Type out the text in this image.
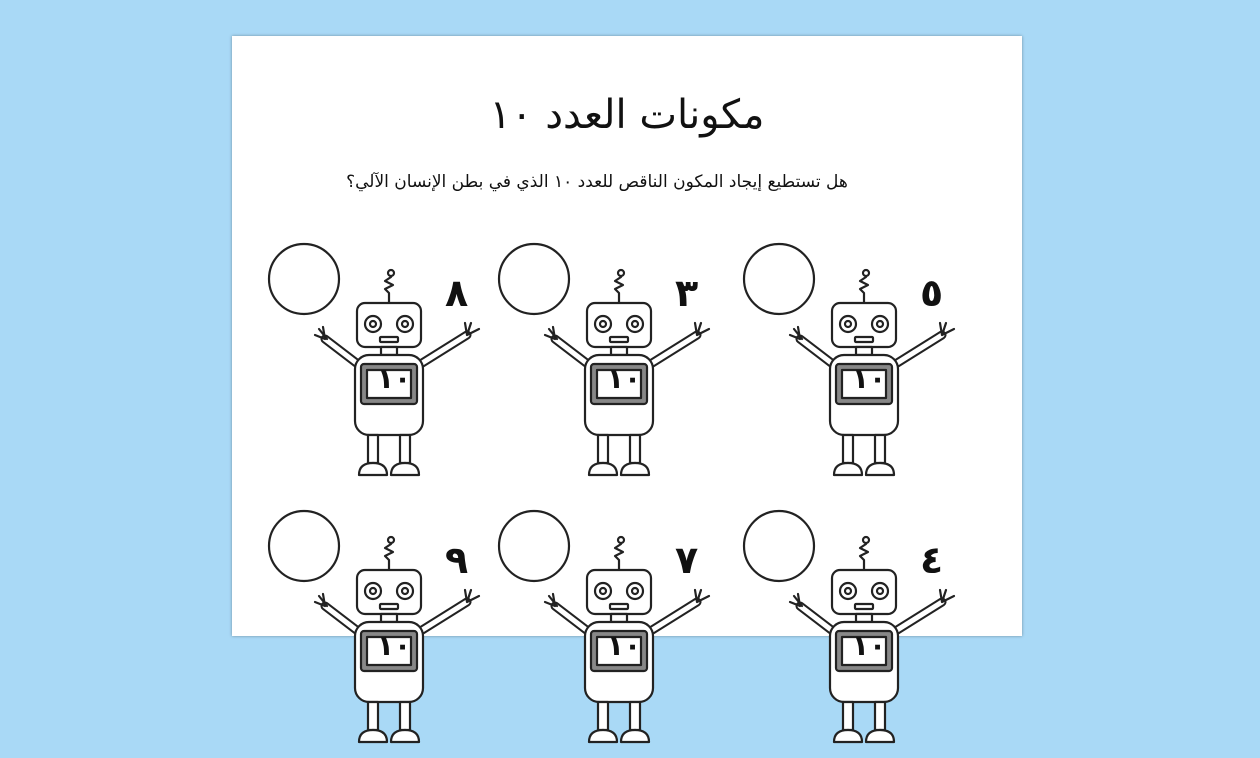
مكونات العدد ١٠
هل تستطيع إيجاد المكون الناقص للعدد ١٠ الذي في بطن الإنسان الآلي؟
١٠
٨
١٠
٣
١٠
٥
١٠
٩
١٠
٧
١٠
٤
